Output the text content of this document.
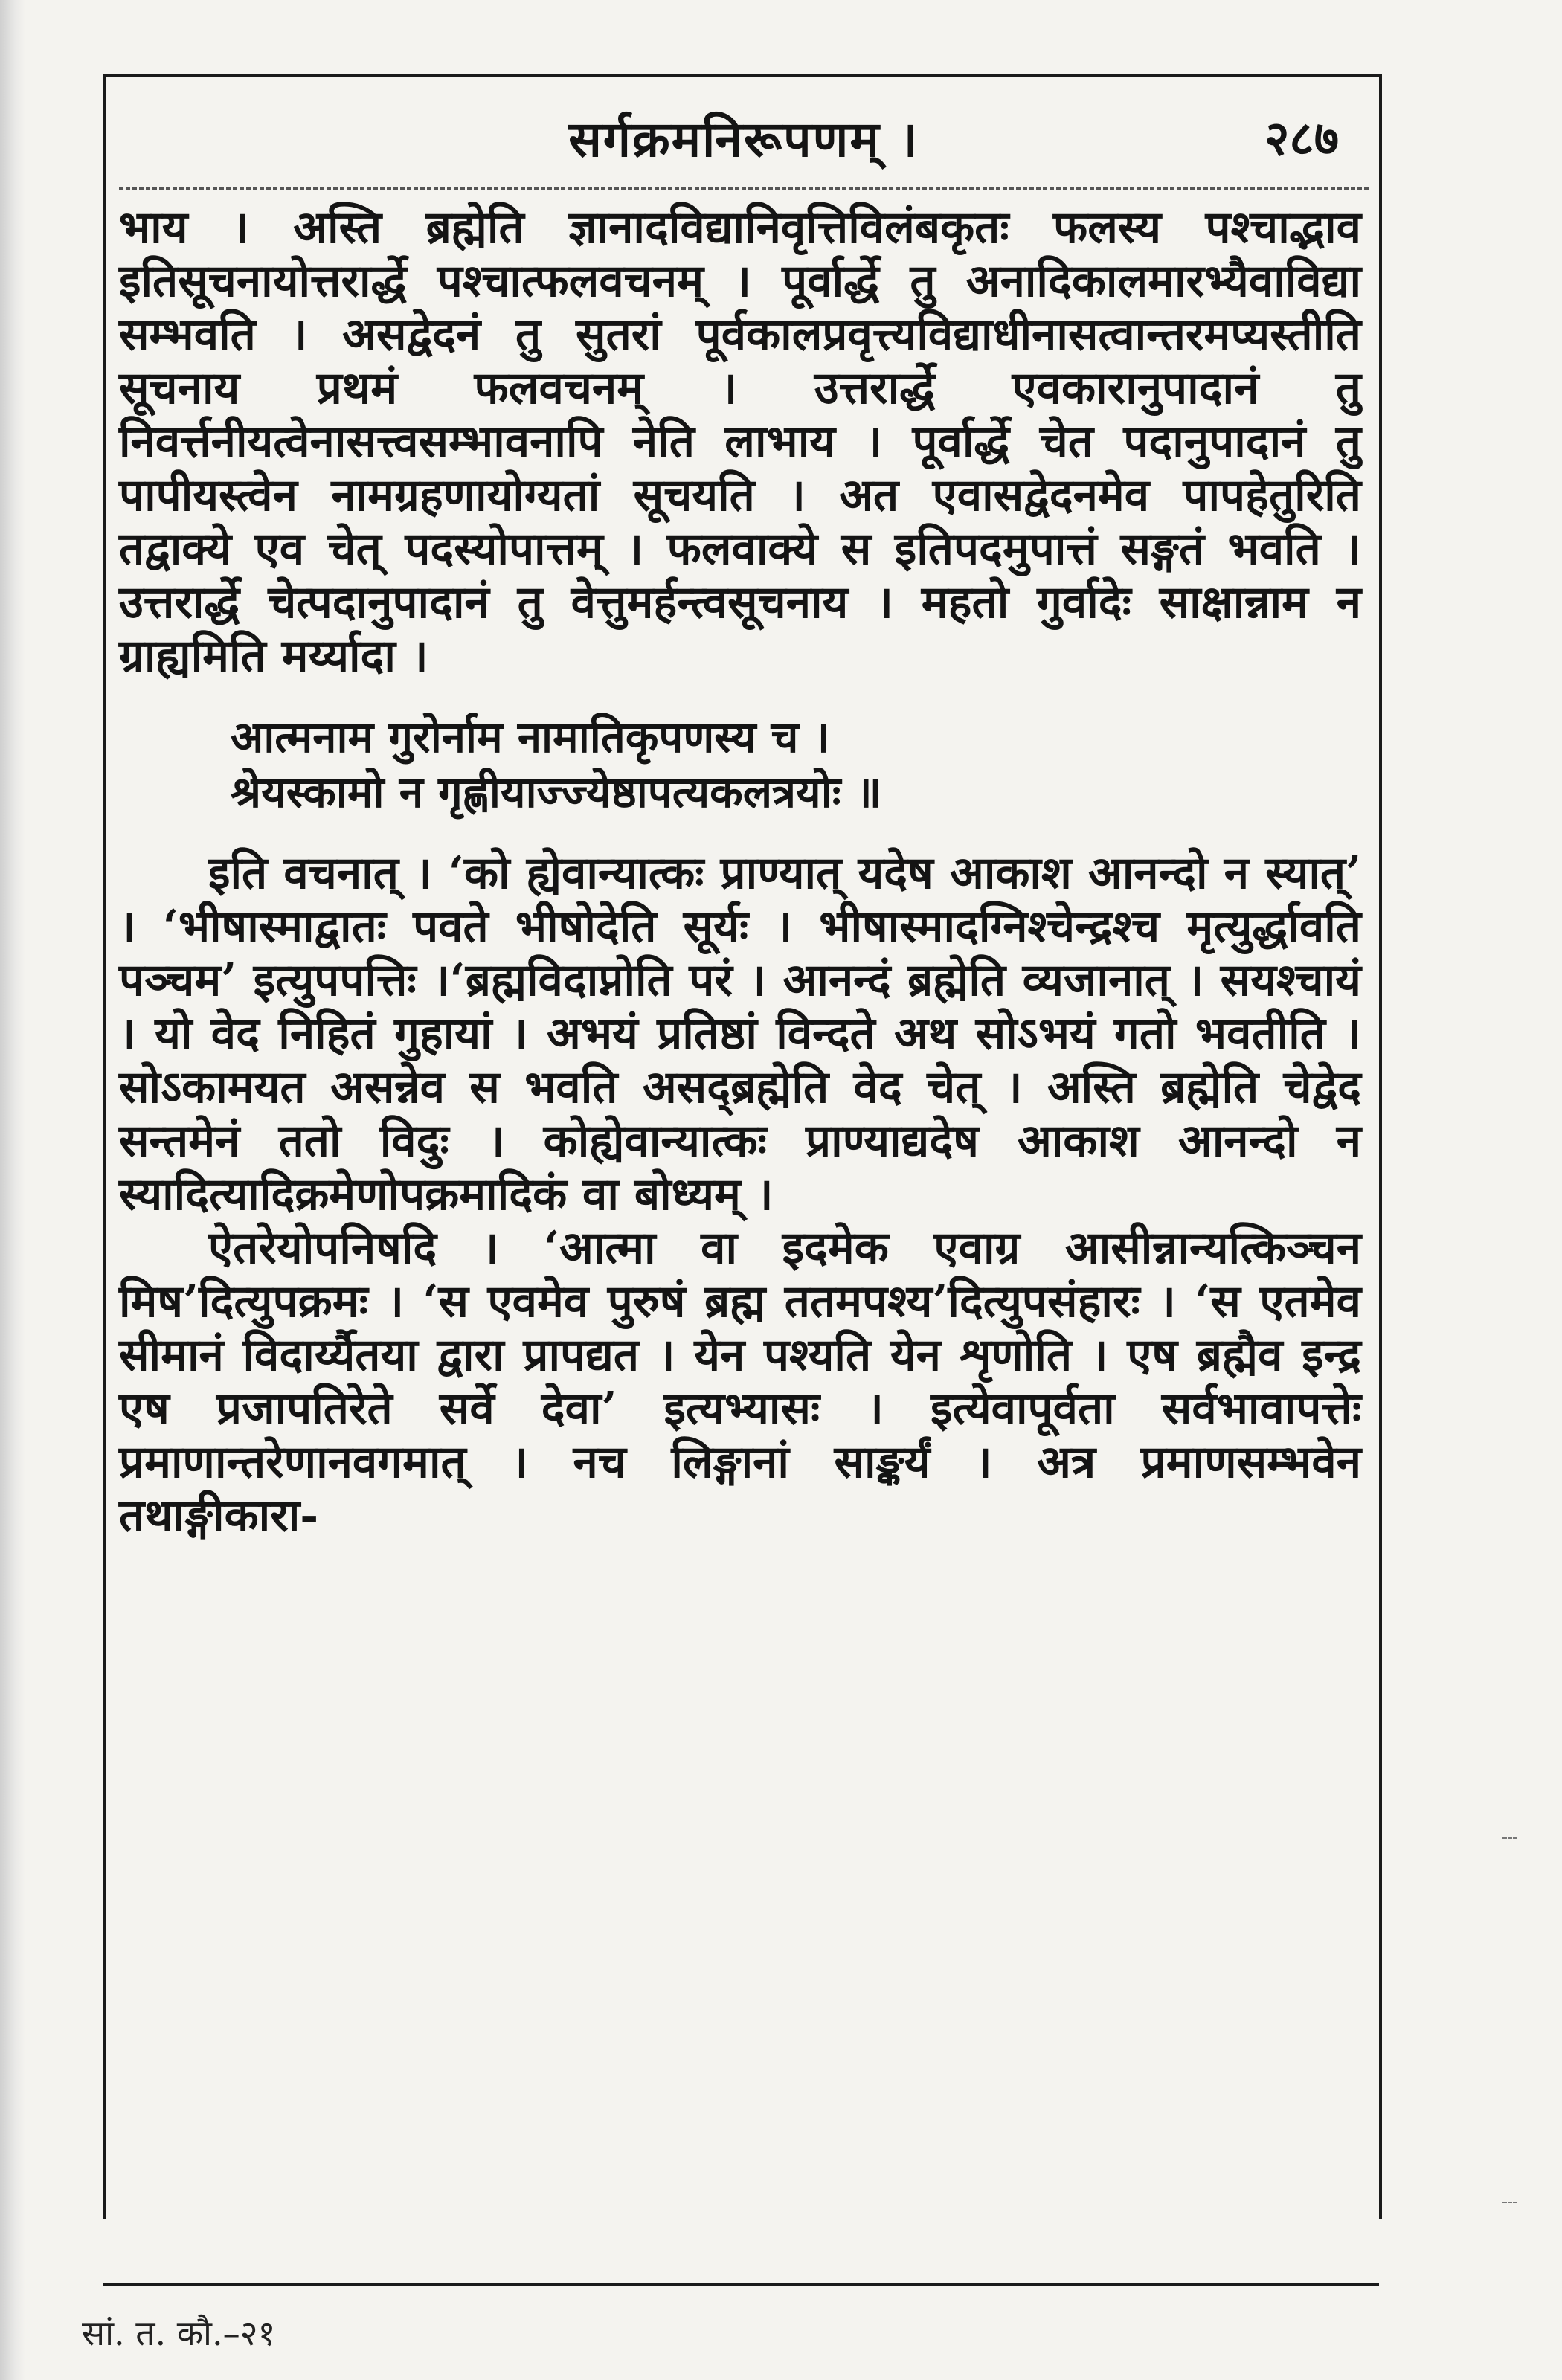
सर्गक्रमनिरूपणम् ।	२८७

भाय । अस्ति ब्रह्मेति ज्ञानादविद्यानिवृत्तिविलंबकृतः फलस्य पश्चाद्भाव इतिसूचनायोत्तरार्द्धे पश्चात्फलवचनम् । पूर्वार्द्धे तु अनादिकालमारभ्यैवाविद्या सम्भवति । असद्वेदनं तु सुतरां पूर्वकालप्रवृत्त्यविद्याधीनासत्वान्तरमप्यस्तीति सूचनाय प्रथमं फलवचनम् । उत्तरार्द्धे एवकारानुपादानं तु निवर्त्तनीयत्वेनासत्त्वसम्भावनापि नेति लाभाय । पूर्वार्द्धे चेत पदानुपादानं तु पापीयस्त्वेन नामग्रहणायोग्यतां सूचयति । अत एवासद्वेदनमेव पापहेतुरिति तद्वाक्ये एव चेत् पदस्योपात्तम् । फलवाक्ये स इतिपदमुपात्तं सङ्गतं भवति । उत्तरार्द्धे चेत्पदानुपादानं तु वेत्तुमर्हन्त्वसूचनाय । महतो गुर्वादेः साक्षान्नाम न ग्राह्यमिति मर्य्यादा ।

आत्मनाम गुरोर्नाम नामातिकृपणस्य च ।
श्रेयस्कामो न गृह्णीयाज्ज्येष्ठापत्यकलत्रयोः ॥

इति वचनात् । ‘को ह्येवान्यात्कः प्राण्यात् यदेष आकाश आनन्दो न स्यात्’ । ‘भीषास्माद्वातः पवते भीषोदेति सूर्यः । भीषास्मादग्निश्चेन्द्रश्च मृत्युर्द्धावति पञ्चम’ इत्युपपत्तिः ।‘ब्रह्मविदाप्नोति परं । आनन्दं ब्रह्मेति व्यजानात् । सयश्चायं । यो वेद निहितं गुहायां । अभयं प्रतिष्ठां विन्दते अथ सोऽभयं गतो भवतीति । सोऽकामयत असन्नेव स भवति असद्ब्रह्मेति वेद चेत् । अस्ति ब्रह्मेति चेद्वेद सन्तमेनं ततो विदुः । कोह्येवान्यात्कः प्राण्याद्यदेष आकाश आनन्दो न स्यादित्यादिक्रमेणोपक्रमादिकं वा बोध्यम् ।

ऐतरेयोपनिषदि । ‘आत्मा वा इदमेक एवाग्र आसीन्नान्यत्किञ्चन मिष’दित्युपक्रमः । ‘स एवमेव पुरुषं ब्रह्म ततमपश्य’दित्युपसंहारः । ‘स एतमेव सीमानं विदार्य्यैतया द्वारा प्रापद्यत । येन पश्यति येन शृणोति । एष ब्रह्मैव इन्द्र एष प्रजापतिरेते सर्वे देवा’ इत्यभ्यासः । इत्येवापूर्वता सर्वभावापत्तेः प्रमाणान्तरेणानवगमात् । नच लिङ्गानां साङ्कर्यं । अत्र प्रमाणसम्भवेन तथाङ्गीकारा-

सां. त. कौ.–२१
